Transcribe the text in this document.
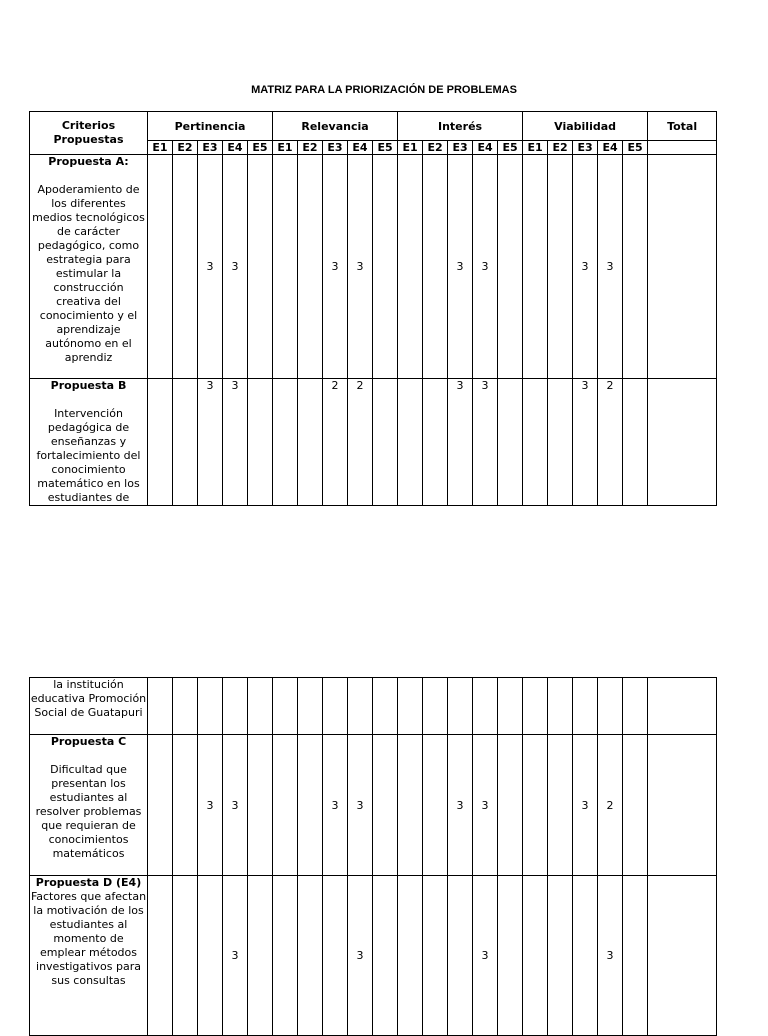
MATRIZ PARA LA PRIORIZACIÓN DE PROBLEMAS
Criterios Propuestas	Pertinencia					Relevancia					Interés					Viabilidad					Total
	E1	E2	E3	E4	E5	E1	E2	E3	E4	E5	E1	E2	E3	E4	E5	E1	E2	E3	E4	E5	

Propuesta A:
Apoderamiento de los diferentes medios tecnológicos de carácter pedagógico, como estrategia para estimular la construcción creativa del conocimiento y el aprendizaje autónomo en el aprendiz			3	3				3	3				3	3				3	3		

Propuesta B
Intervención pedagógica de enseñanzas y fortalecimiento del conocimiento matemático en los estudiantes de			3	3				2	2				3	3				3	2		
la institución educativa Promoción Social de Guatapuri																					

Propuesta C
Dificultad que presentan los estudiantes al resolver problemas que requieran de conocimientos matemáticos			3	3				3	3				3	3				3	2		

Propuesta D (E4)
Factores que afectan la motivación de los estudiantes al momento de emplear métodos investigativos para sus consultas				3					3					3					3		
